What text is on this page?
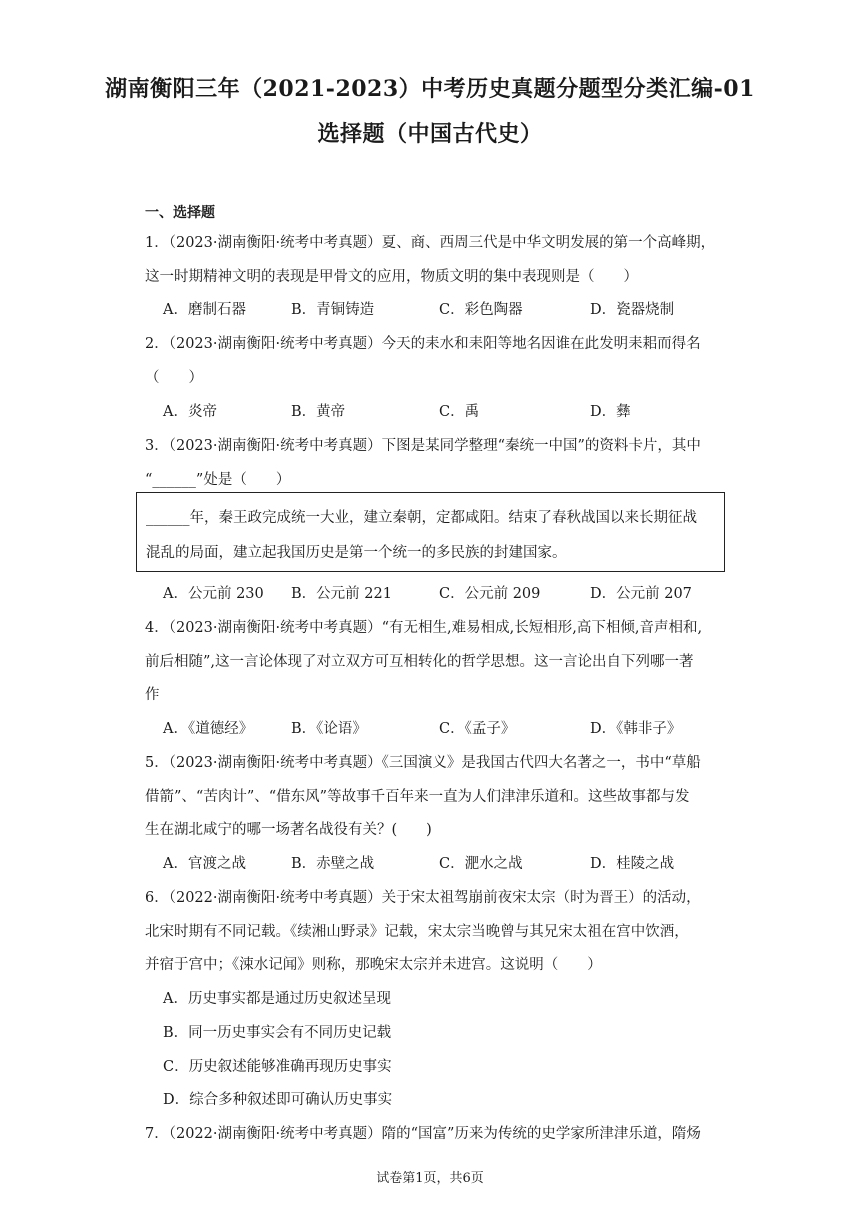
湖南衡阳三年（2021-2023）中考历史真题分题型分类汇编-01
选择题（中国古代史）
一、选择题
1．（2023·湖南衡阳·统考中考真题）夏、商、西周三代是中华文明发展的第一个高峰期，
这一时期精神文明的表现是甲骨文的应用，物质文明的集中表现则是（　　）
A．磨制石器	B．青铜铸造	C．彩色陶器	D．瓷器烧制
2．（2023·湖南衡阳·统考中考真题）今天的耒水和耒阳等地名因谁在此发明耒耜而得名
（　　）
A．炎帝	B．黄帝	C．禹	D．彝
3．（2023·湖南衡阳·统考中考真题）下图是某同学整理“秦统一中国”的资料卡片，其中
“______”处是（　　）
______年，秦王政完成统一大业，建立秦朝，定都咸阳。结束了春秋战国以来长期征战
混乱的局面，建立起我国历史是第一个统一的多民族的封建国家。
A．公元前 230 B．公元前 221	C．公元前 209	D．公元前 207
4．（2023·湖南衡阳·统考中考真题）“有无相生,难易相成,长短相形,高下相倾,音声相和,
前后相随”,这一言论体现了对立双方可互相转化的哲学思想。这一言论出自下列哪一著
作
A．《道德经》	B．《论语》	C．《孟子》	D．《韩非子》
5．（2023·湖南衡阳·统考中考真题）《三国演义》是我国古代四大名著之一，书中“草船
借箭”、“苦肉计”、“借东风”等故事千百年来一直为人们津津乐道和。这些故事都与发
生在湖北咸宁的哪一场著名战役有关？(　　)
A．官渡之战	B．赤壁之战	C．淝水之战	D．桂陵之战
6．（2022·湖南衡阳·统考中考真题）关于宋太祖驾崩前夜宋太宗（时为晋王）的活动，
北宋时期有不同记载。《续湘山野录》记载，宋太宗当晚曾与其兄宋太祖在宫中饮酒，
并宿于宫中；《涑水记闻》则称，那晚宋太宗并未进宫。这说明（　　）
A．历史事实都是通过历史叙述呈现
B．同一历史事实会有不同历史记载
C．历史叙述能够准确再现历史事实
D．综合多种叙述即可确认历史事实
7．（2022·湖南衡阳·统考中考真题）隋的“国富”历来为传统的史学家所津津乐道，隋炀
试卷第1页，共6页
